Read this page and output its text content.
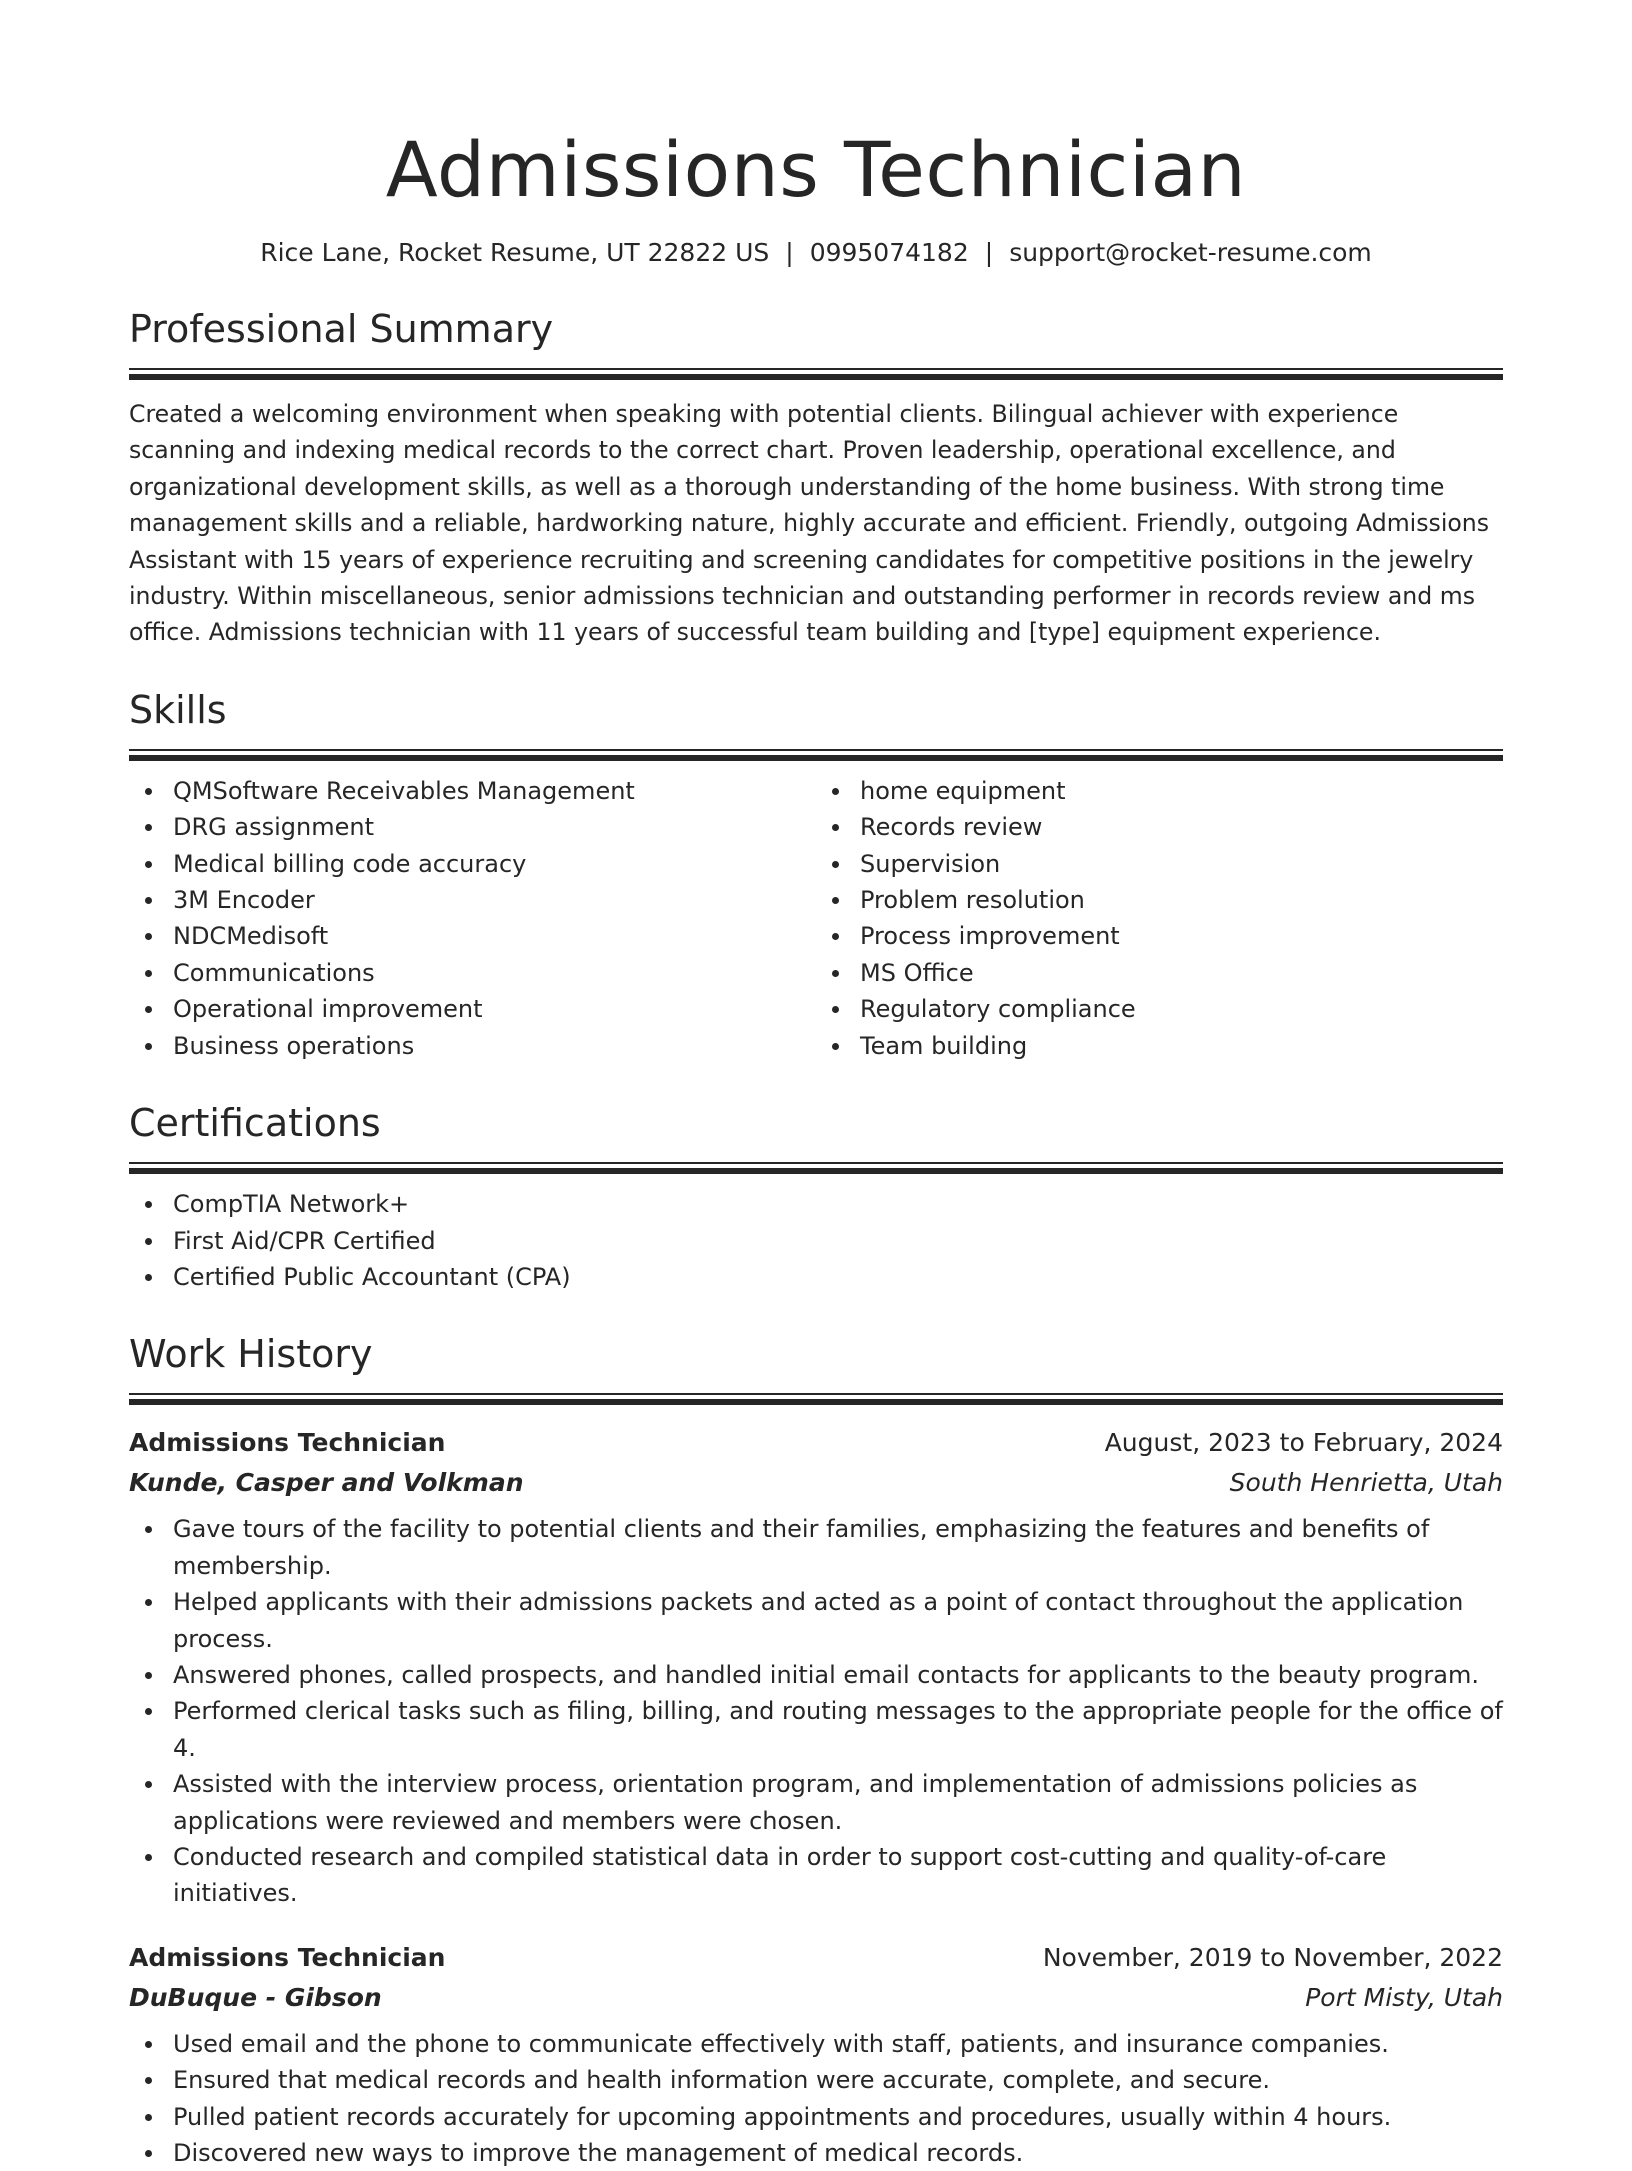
Admissions Technician
Rice Lane, Rocket Resume, UT 22822 US | 0995074182 | support@rocket-resume.com
Professional Summary
Created a welcoming environment when speaking with potential clients. Bilingual achiever with experience scanning and indexing medical records to the correct chart. Proven leadership, operational excellence, and organizational development skills, as well as a thorough understanding of the home business. With strong time management skills and a reliable, hardworking nature, highly accurate and efficient. Friendly, outgoing Admissions Assistant with 15 years of experience recruiting and screening candidates for competitive positions in the jewelry industry. Within miscellaneous, senior admissions technician and outstanding performer in records review and ms office. Admissions technician with 11 years of successful team building and [type] equipment experience.
Skills
QMSoftware Receivables Management
DRG assignment
Medical billing code accuracy
3M Encoder
NDCMedisoft
Communications
Operational improvement
Business operations
home equipment
Records review
Supervision
Problem resolution
Process improvement
MS Office
Regulatory compliance
Team building
Certifications
CompTIA Network+
First Aid/CPR Certified
Certified Public Accountant (CPA)
Work History
Admissions Technician	August, 2023 to February, 2024
Kunde, Casper and Volkman	South Henrietta, Utah
Gave tours of the facility to potential clients and their families, emphasizing the features and benefits of membership.
Helped applicants with their admissions packets and acted as a point of contact throughout the application process.
Answered phones, called prospects, and handled initial email contacts for applicants to the beauty program.
Performed clerical tasks such as filing, billing, and routing messages to the appropriate people for the office of 4.
Assisted with the interview process, orientation program, and implementation of admissions policies as applications were reviewed and members were chosen.
Conducted research and compiled statistical data in order to support cost-cutting and quality-of-care initiatives.
Admissions Technician	November, 2019 to November, 2022
DuBuque - Gibson	Port Misty, Utah
Used email and the phone to communicate effectively with staff, patients, and insurance companies.
Ensured that medical records and health information were accurate, complete, and secure.
Pulled patient records accurately for upcoming appointments and procedures, usually within 4 hours.
Discovered new ways to improve the management of medical records.
